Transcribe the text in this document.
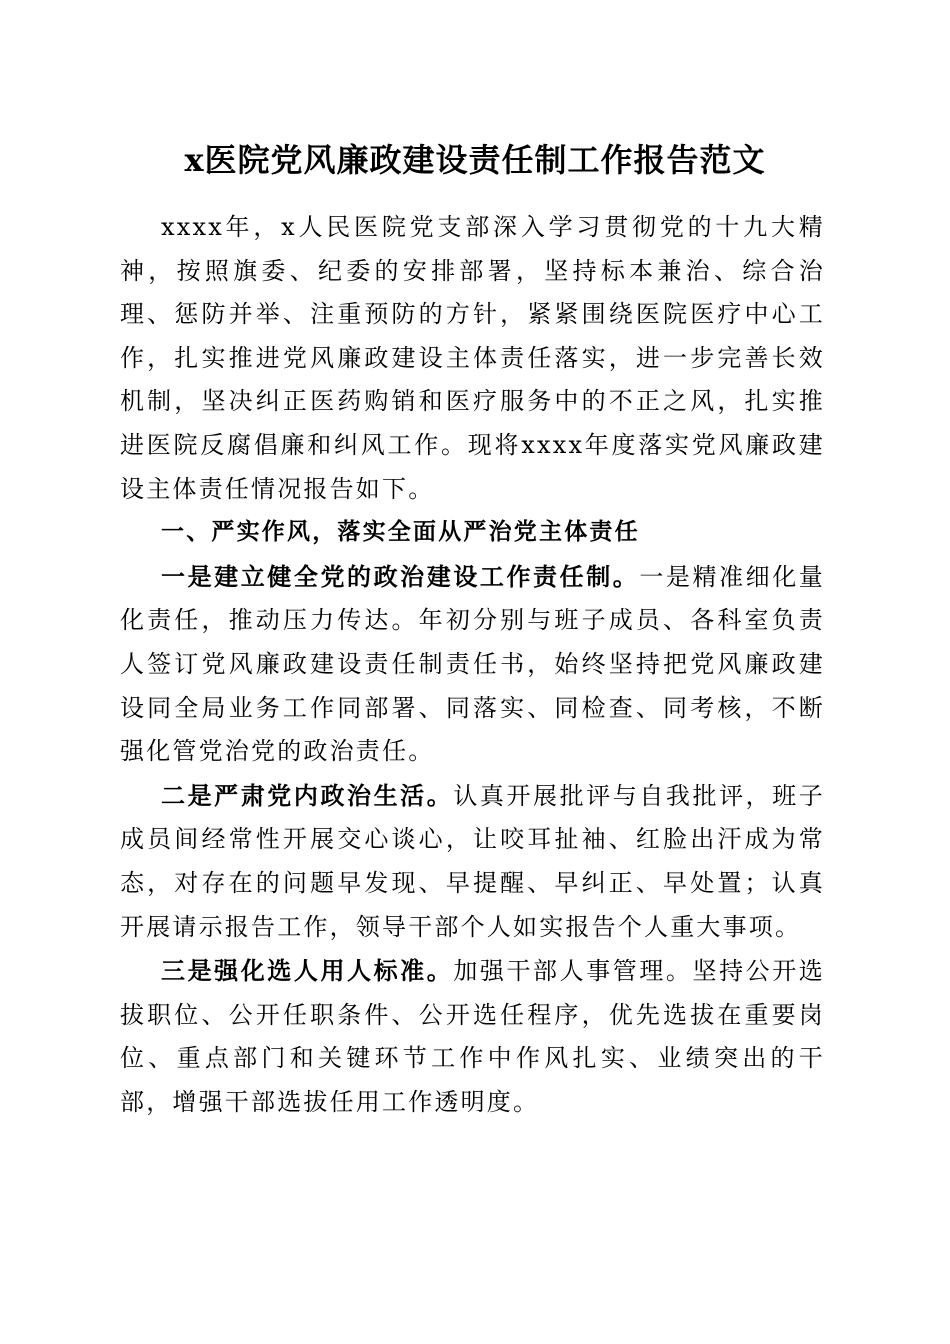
x医院党风廉政建设责任制工作报告范文

xxxx年，x人民医院党支部深入学习贯彻党的十九大精神，按照旗委、纪委的安排部署，坚持标本兼治、综合治理、惩防并举、注重预防的方针，紧紧围绕医院医疗中心工作，扎实推进党风廉政建设主体责任落实，进一步完善长效机制，坚决纠正医药购销和医疗服务中的不正之风，扎实推进医院反腐倡廉和纠风工作。现将xxxx年度落实党风廉政建设主体责任情况报告如下。

一、严实作风，落实全面从严治党主体责任

一是建立健全党的政治建设工作责任制。一是精准细化量化责任，推动压力传达。年初分别与班子成员、各科室负责人签订党风廉政建设责任制责任书，始终坚持把党风廉政建设同全局业务工作同部署、同落实、同检查、同考核，不断强化管党治党的政治责任。

二是严肃党内政治生活。认真开展批评与自我批评，班子成员间经常性开展交心谈心，让咬耳扯袖、红脸出汗成为常态，对存在的问题早发现、早提醒、早纠正、早处置；认真开展请示报告工作，领导干部个人如实报告个人重大事项。

三是强化选人用人标准。加强干部人事管理。坚持公开选拔职位、公开任职条件、公开选任程序，优先选拔在重要岗位、重点部门和关键环节工作中作风扎实、业绩突出的干部，增强干部选拔任用工作透明度。
